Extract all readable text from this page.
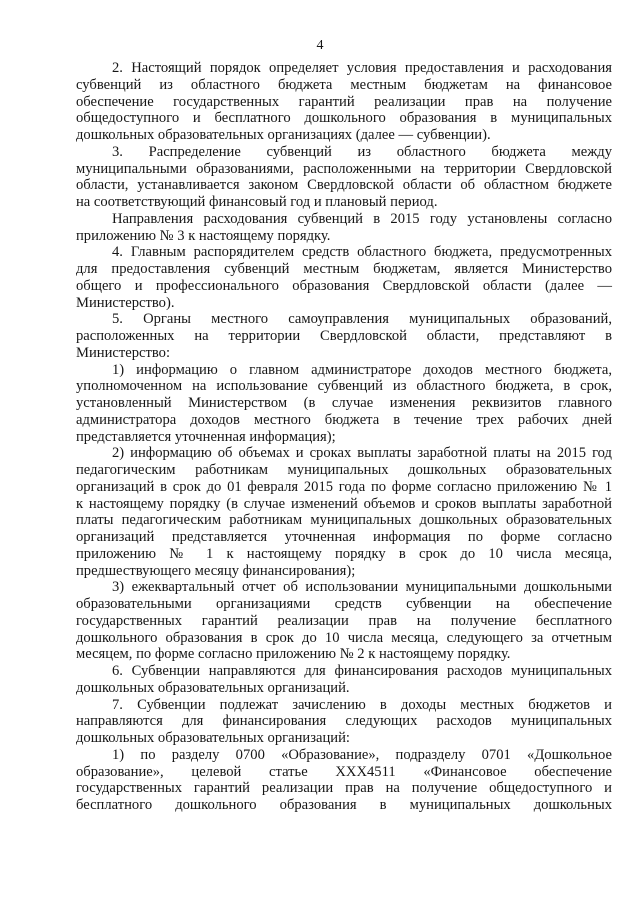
4

2. Настоящий порядок определяет условия предоставления и расходования
субвенций из областного бюджета местным бюджетам на финансовое
обеспечение государственных гарантий реализации прав на получение
общедоступного и бесплатного дошкольного образования в муниципальных
дошкольных образовательных организациях (далее — субвенции).

3. Распределение субвенций из областного бюджета между
муниципальными образованиями, расположенными на территории Свердловской
области, устанавливается законом Свердловской области об областном бюджете
на соответствующий финансовый год и плановый период.

Направления расходования субвенций в 2015 году установлены согласно
приложению № 3 к настоящему порядку.

4. Главным распорядителем средств областного бюджета, предусмотренных
для предоставления субвенций местным бюджетам, является Министерство
общего и профессионального образования Свердловской области (далее —
Министерство).

5. Органы местного самоуправления муниципальных образований,
расположенных на территории Свердловской области, представляют в
Министерство:

1) информацию о главном администраторе доходов местного бюджета,
уполномоченном на использование субвенций из областного бюджета, в срок,
установленный Министерством (в случае изменения реквизитов главного
администратора доходов местного бюджета в течение трех рабочих дней
представляется уточненная информация);

2) информацию об объемах и сроках выплаты заработной платы на 2015 год
педагогическим работникам муниципальных дошкольных образовательных
организаций в срок до 01 февраля 2015 года по форме согласно приложению № 1
к настоящему порядку (в случае изменений объемов и сроков выплаты заработной
платы педагогическим работникам муниципальных дошкольных образовательных
организаций представляется уточненная информация по форме согласно
приложению № 1 к настоящему порядку в срок до 10 числа месяца,
предшествующего месяцу финансирования);

3) ежеквартальный отчет об использовании муниципальными дошкольными
образовательными организациями средств субвенции на обеспечение
государственных гарантий реализации прав на получение бесплатного
дошкольного образования в срок до 10 числа месяца, следующего за отчетным
месяцем, по форме согласно приложению № 2 к настоящему порядку.

6. Субвенции направляются для финансирования расходов муниципальных
дошкольных образовательных организаций.

7. Субвенции подлежат зачислению в доходы местных бюджетов и
направляются для финансирования следующих расходов муниципальных
дошкольных образовательных организаций:

1) по разделу 0700 «Образование», подразделу 0701 «Дошкольное
образование», целевой статье XXX4511 «Финансовое обеспечение
государственных гарантий реализации прав на получение общедоступного и
бесплатного дошкольного образования в муниципальных дошкольных
